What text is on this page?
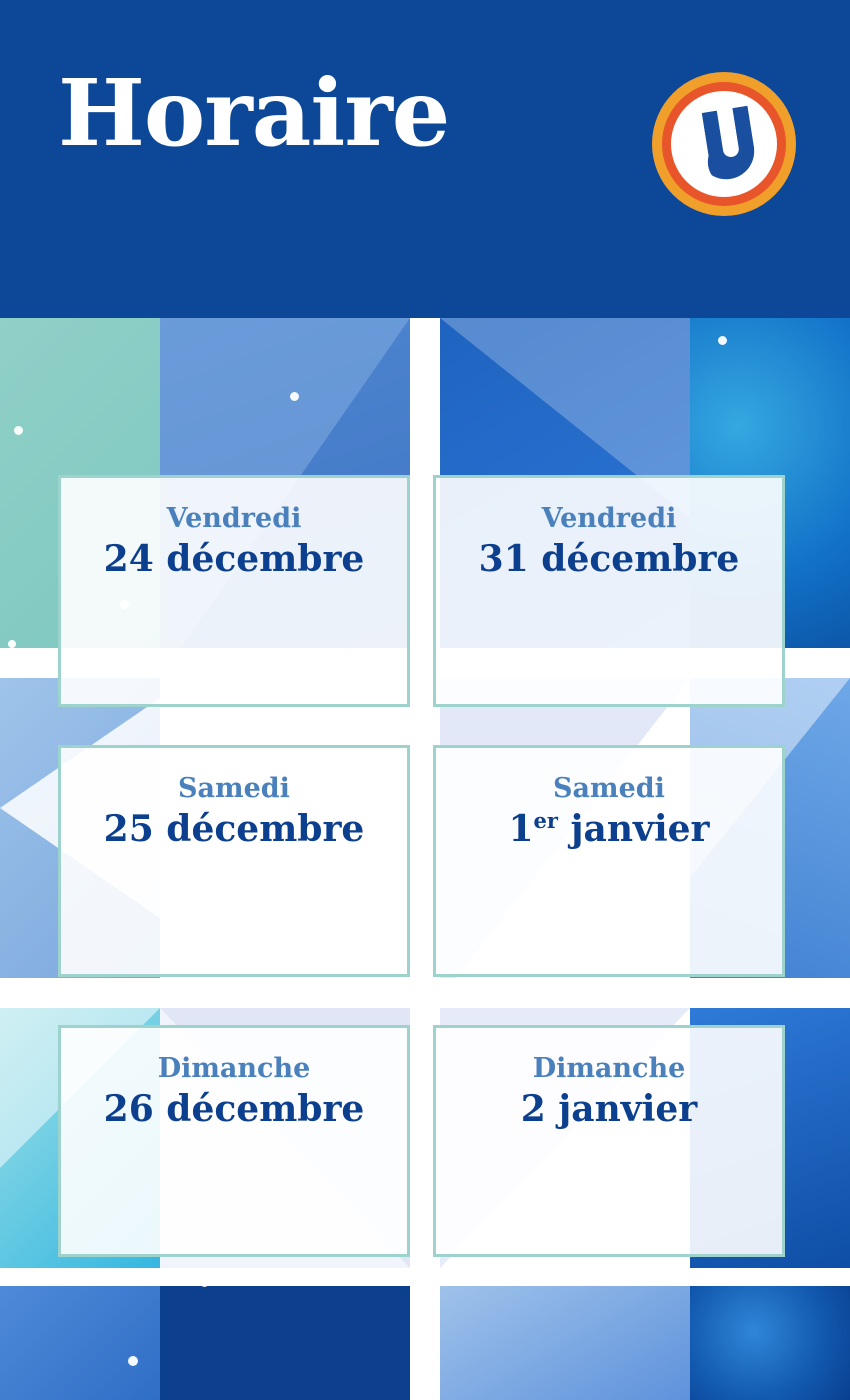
Horaire
Vendredi
24 décembre
Vendredi
31 décembre
Samedi
25 décembre
Samedi
1er janvier
Dimanche
26 décembre
Dimanche
2 janvier
